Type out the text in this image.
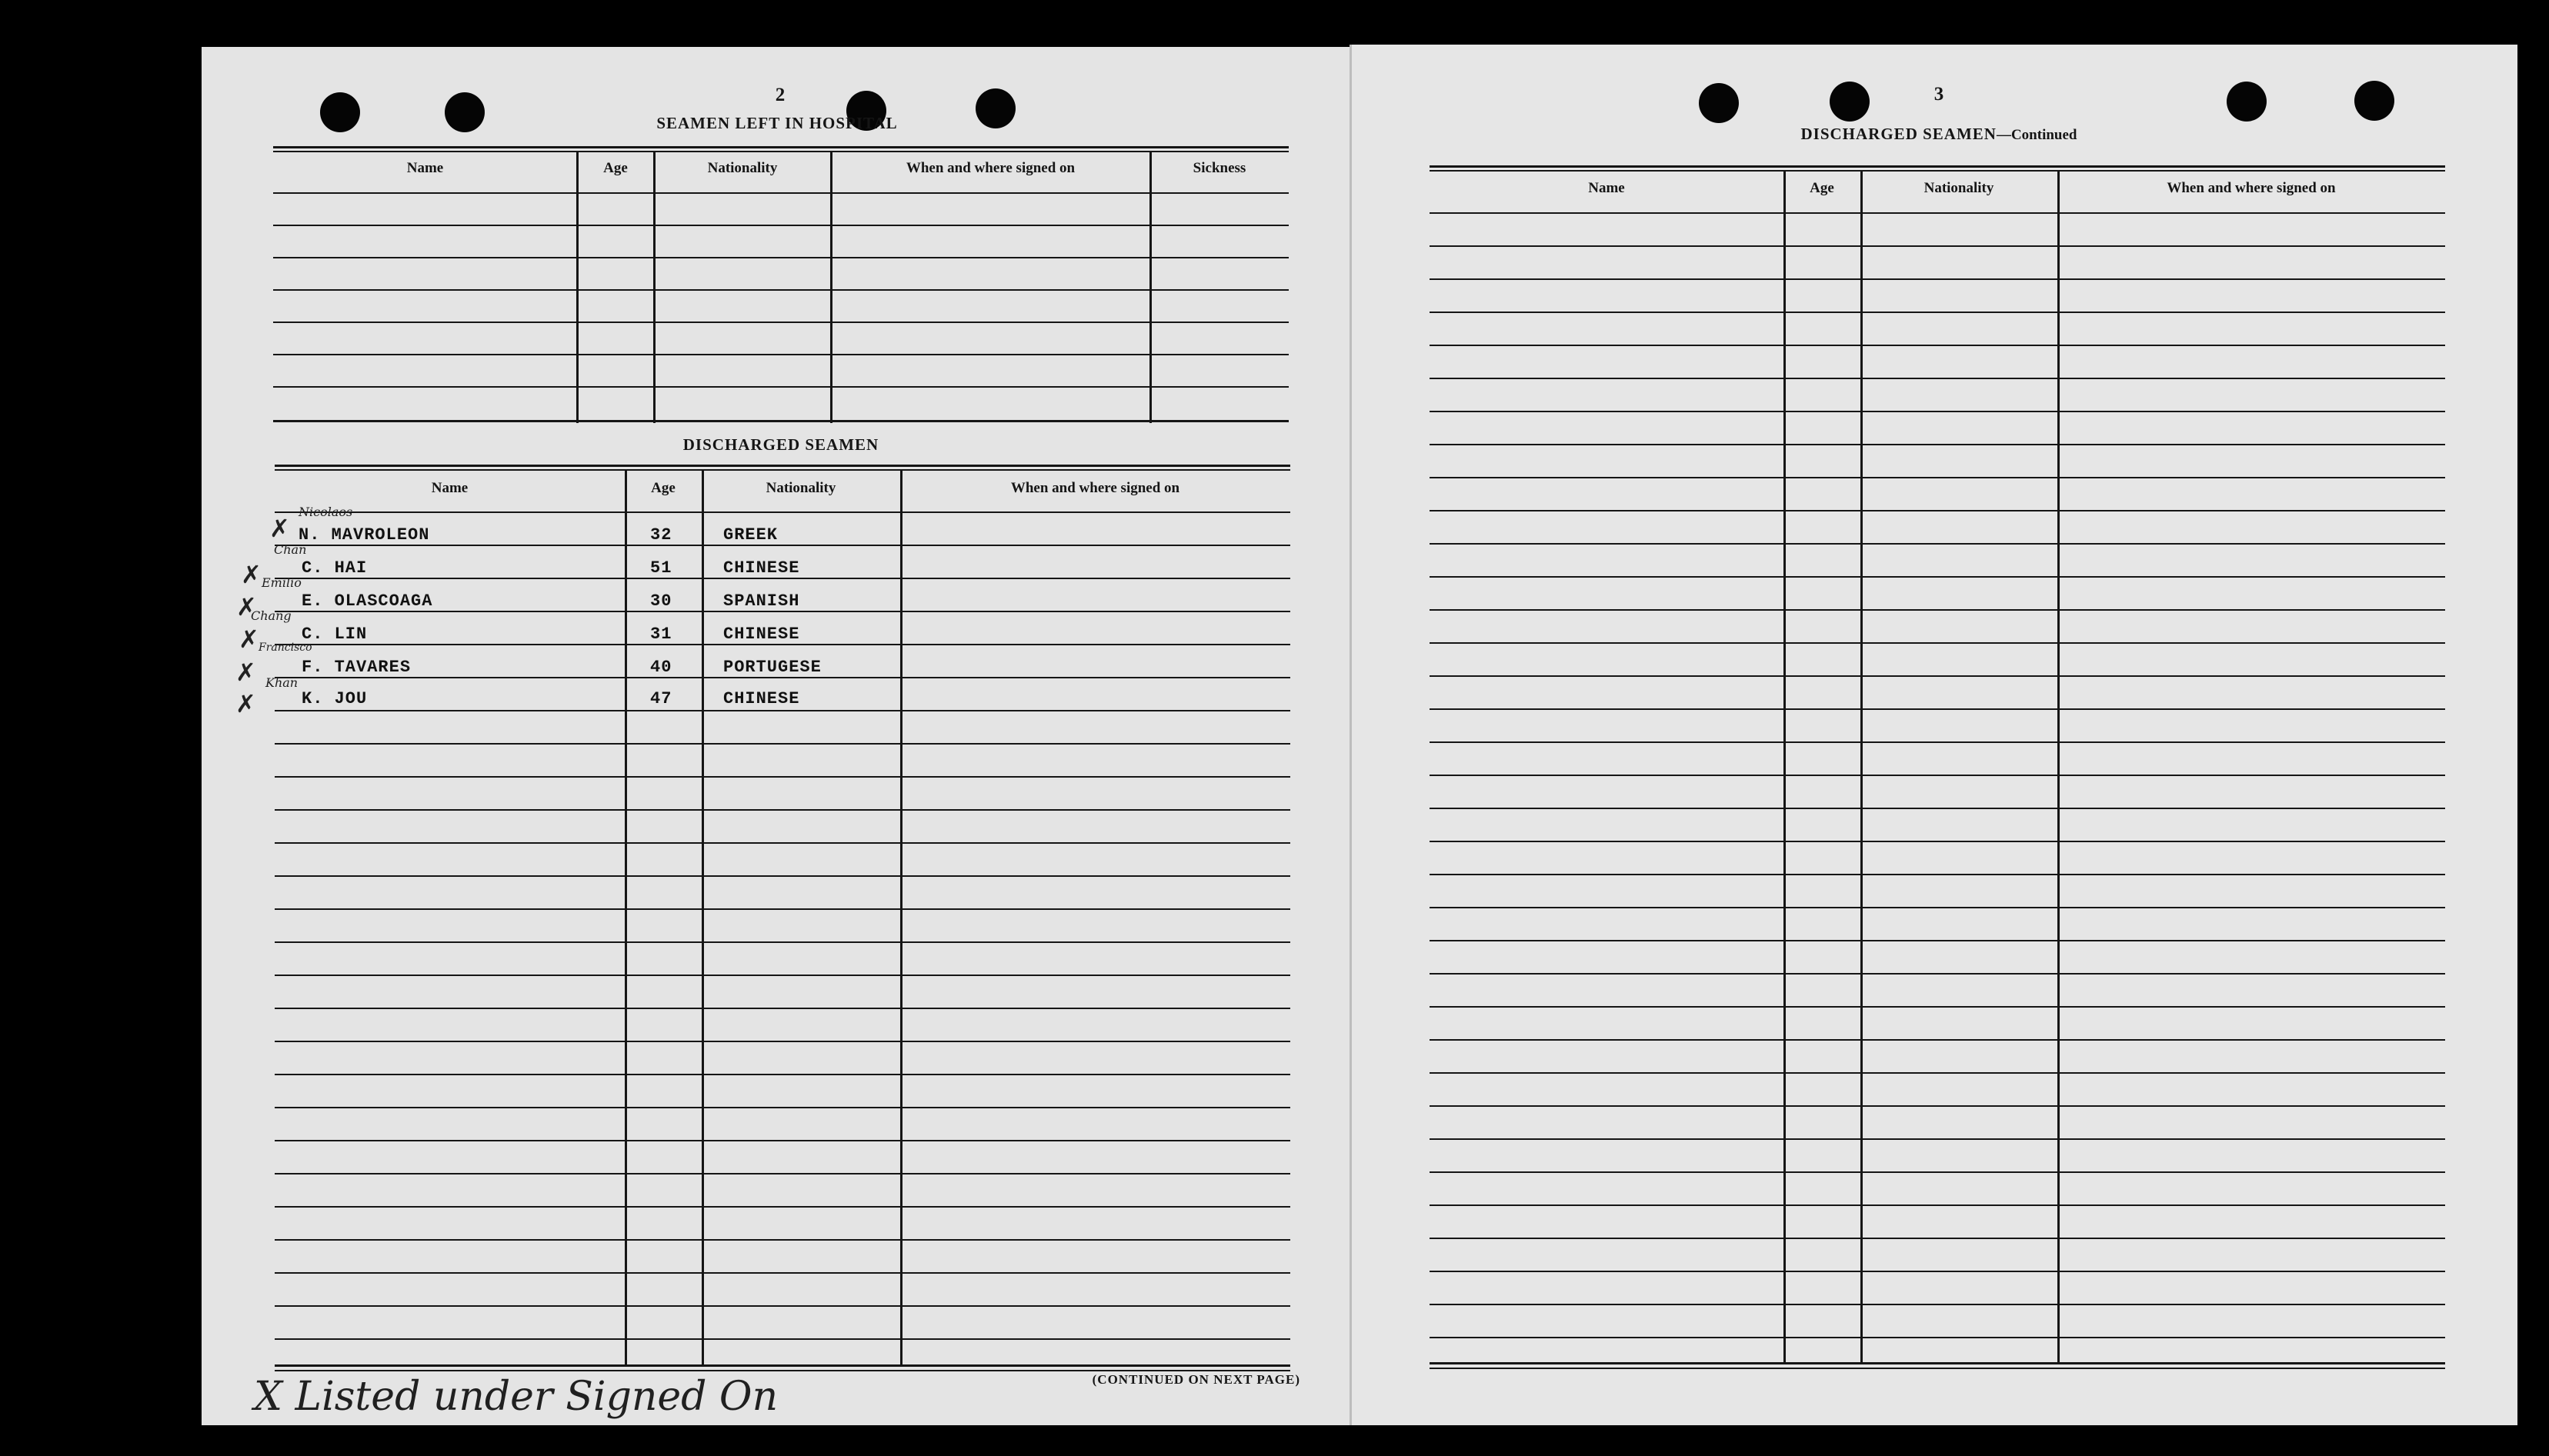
2
SEAMEN LEFT IN HOSPITAL
Name	Age	Nationality	When and where signed on	Sickness
DISCHARGED SEAMEN
Name	Age	Nationality	When and where signed on
Nicolaos
N. MAVROLEON	32	GREEK
Chan
C. HAI	51	CHINESE
Emilio
E. OLASCOAGA	30	SPANISH
Chang
C. LIN	31	CHINESE
Francisco
F. TAVARES	40	PORTUGESE
Khan
K. JOU	47	CHINESE
✗
✗
✗
✗
✗
✗
X Listed under Signed On	(CONTINUED ON NEXT PAGE)
3
DISCHARGED SEAMEN—Continued
Name	Age	Nationality	When and where signed on
